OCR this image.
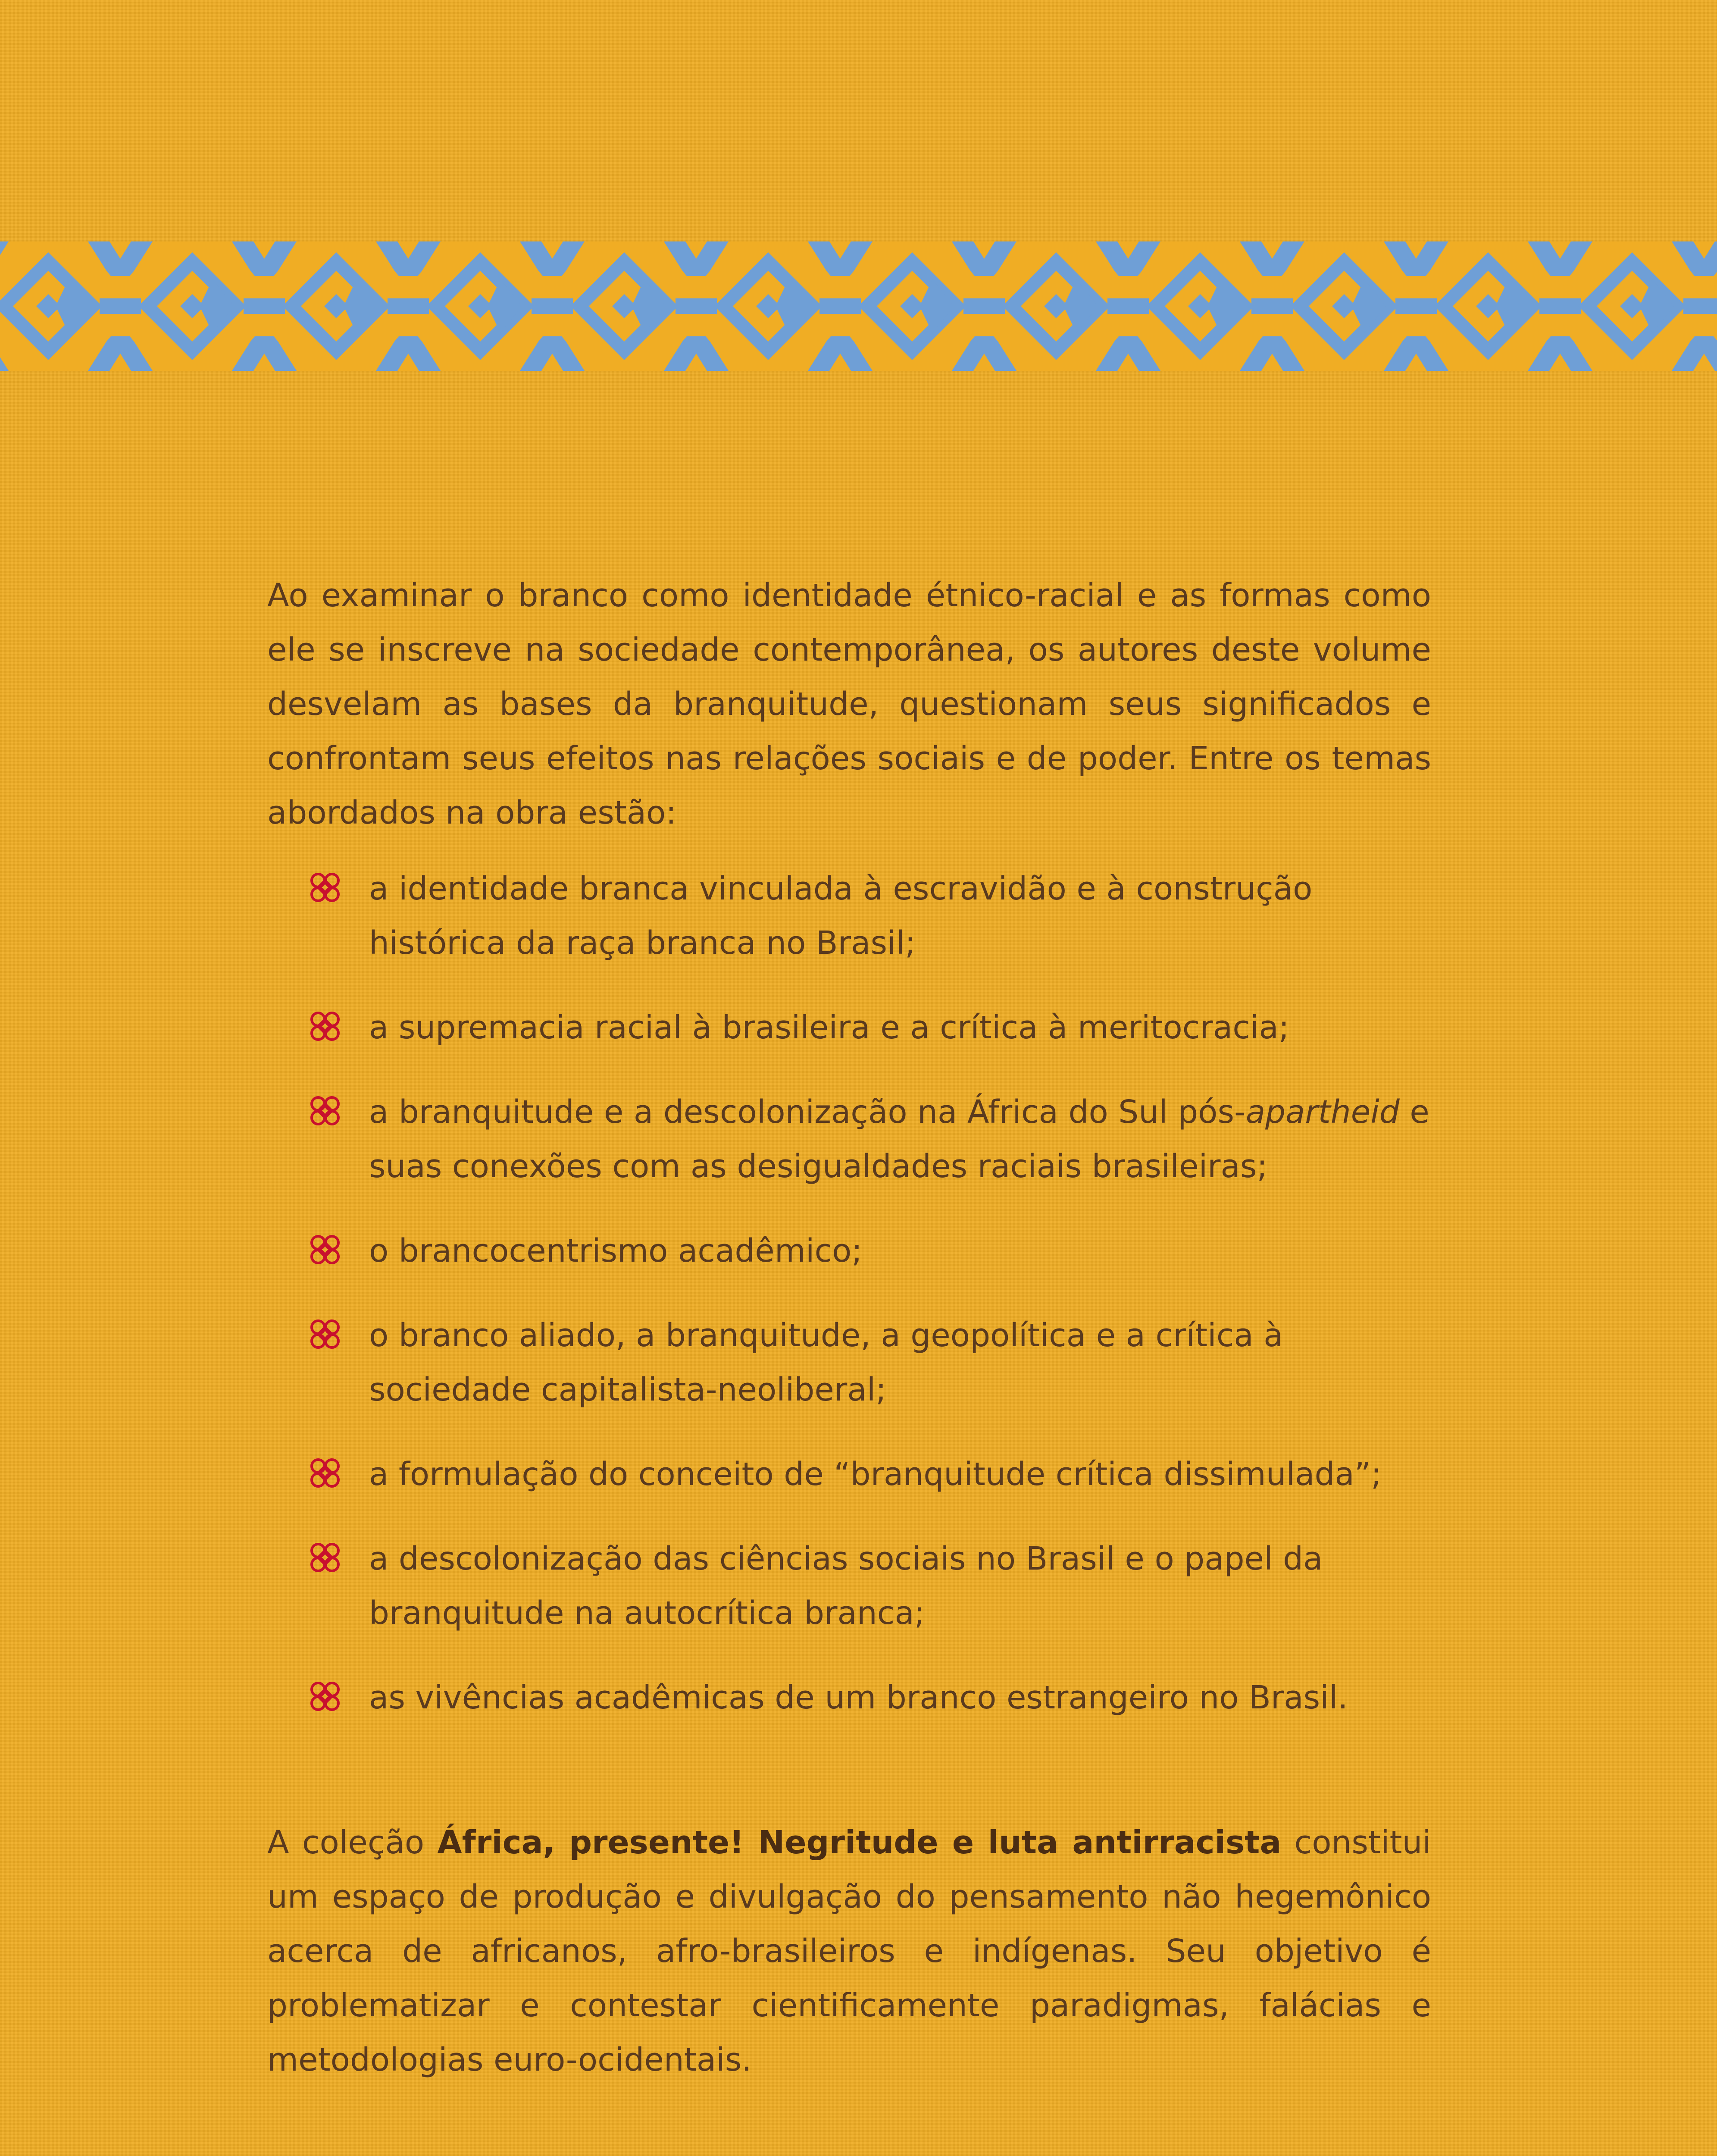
Ao examinar o branco como identidade étnico-racial e as formas como ele se inscreve na sociedade contemporânea, os autores deste volume desvelam as bases da branquitude, questionam seus significados e confrontam seus efeitos nas relações sociais e de poder. Entre os temas abordados na obra estão:

a identidade branca vinculada à escravidão e à construção histórica da raça branca no Brasil;
a supremacia racial à brasileira e a crítica à meritocracia;
a branquitude e a descolonização na África do Sul pós-apartheid e suas conexões com as desigualdades raciais brasileiras;
o brancocentrismo acadêmico;
o branco aliado, a branquitude, a geopolítica e a crítica à sociedade capitalista-neoliberal;
a formulação do conceito de “branquitude crítica dissimulada”;
a descolonização das ciências sociais no Brasil e o papel da branquitude na autocrítica branca;
as vivências acadêmicas de um branco estrangeiro no Brasil.

A coleção África, presente! Negritude e luta antirracista constitui um espaço de produção e divulgação do pensamento não hegemônico acerca de africanos, afro-brasileiros e indígenas. Seu objetivo é problematizar e contestar cientificamente paradigmas, falácias e metodologias euro-ocidentais.
